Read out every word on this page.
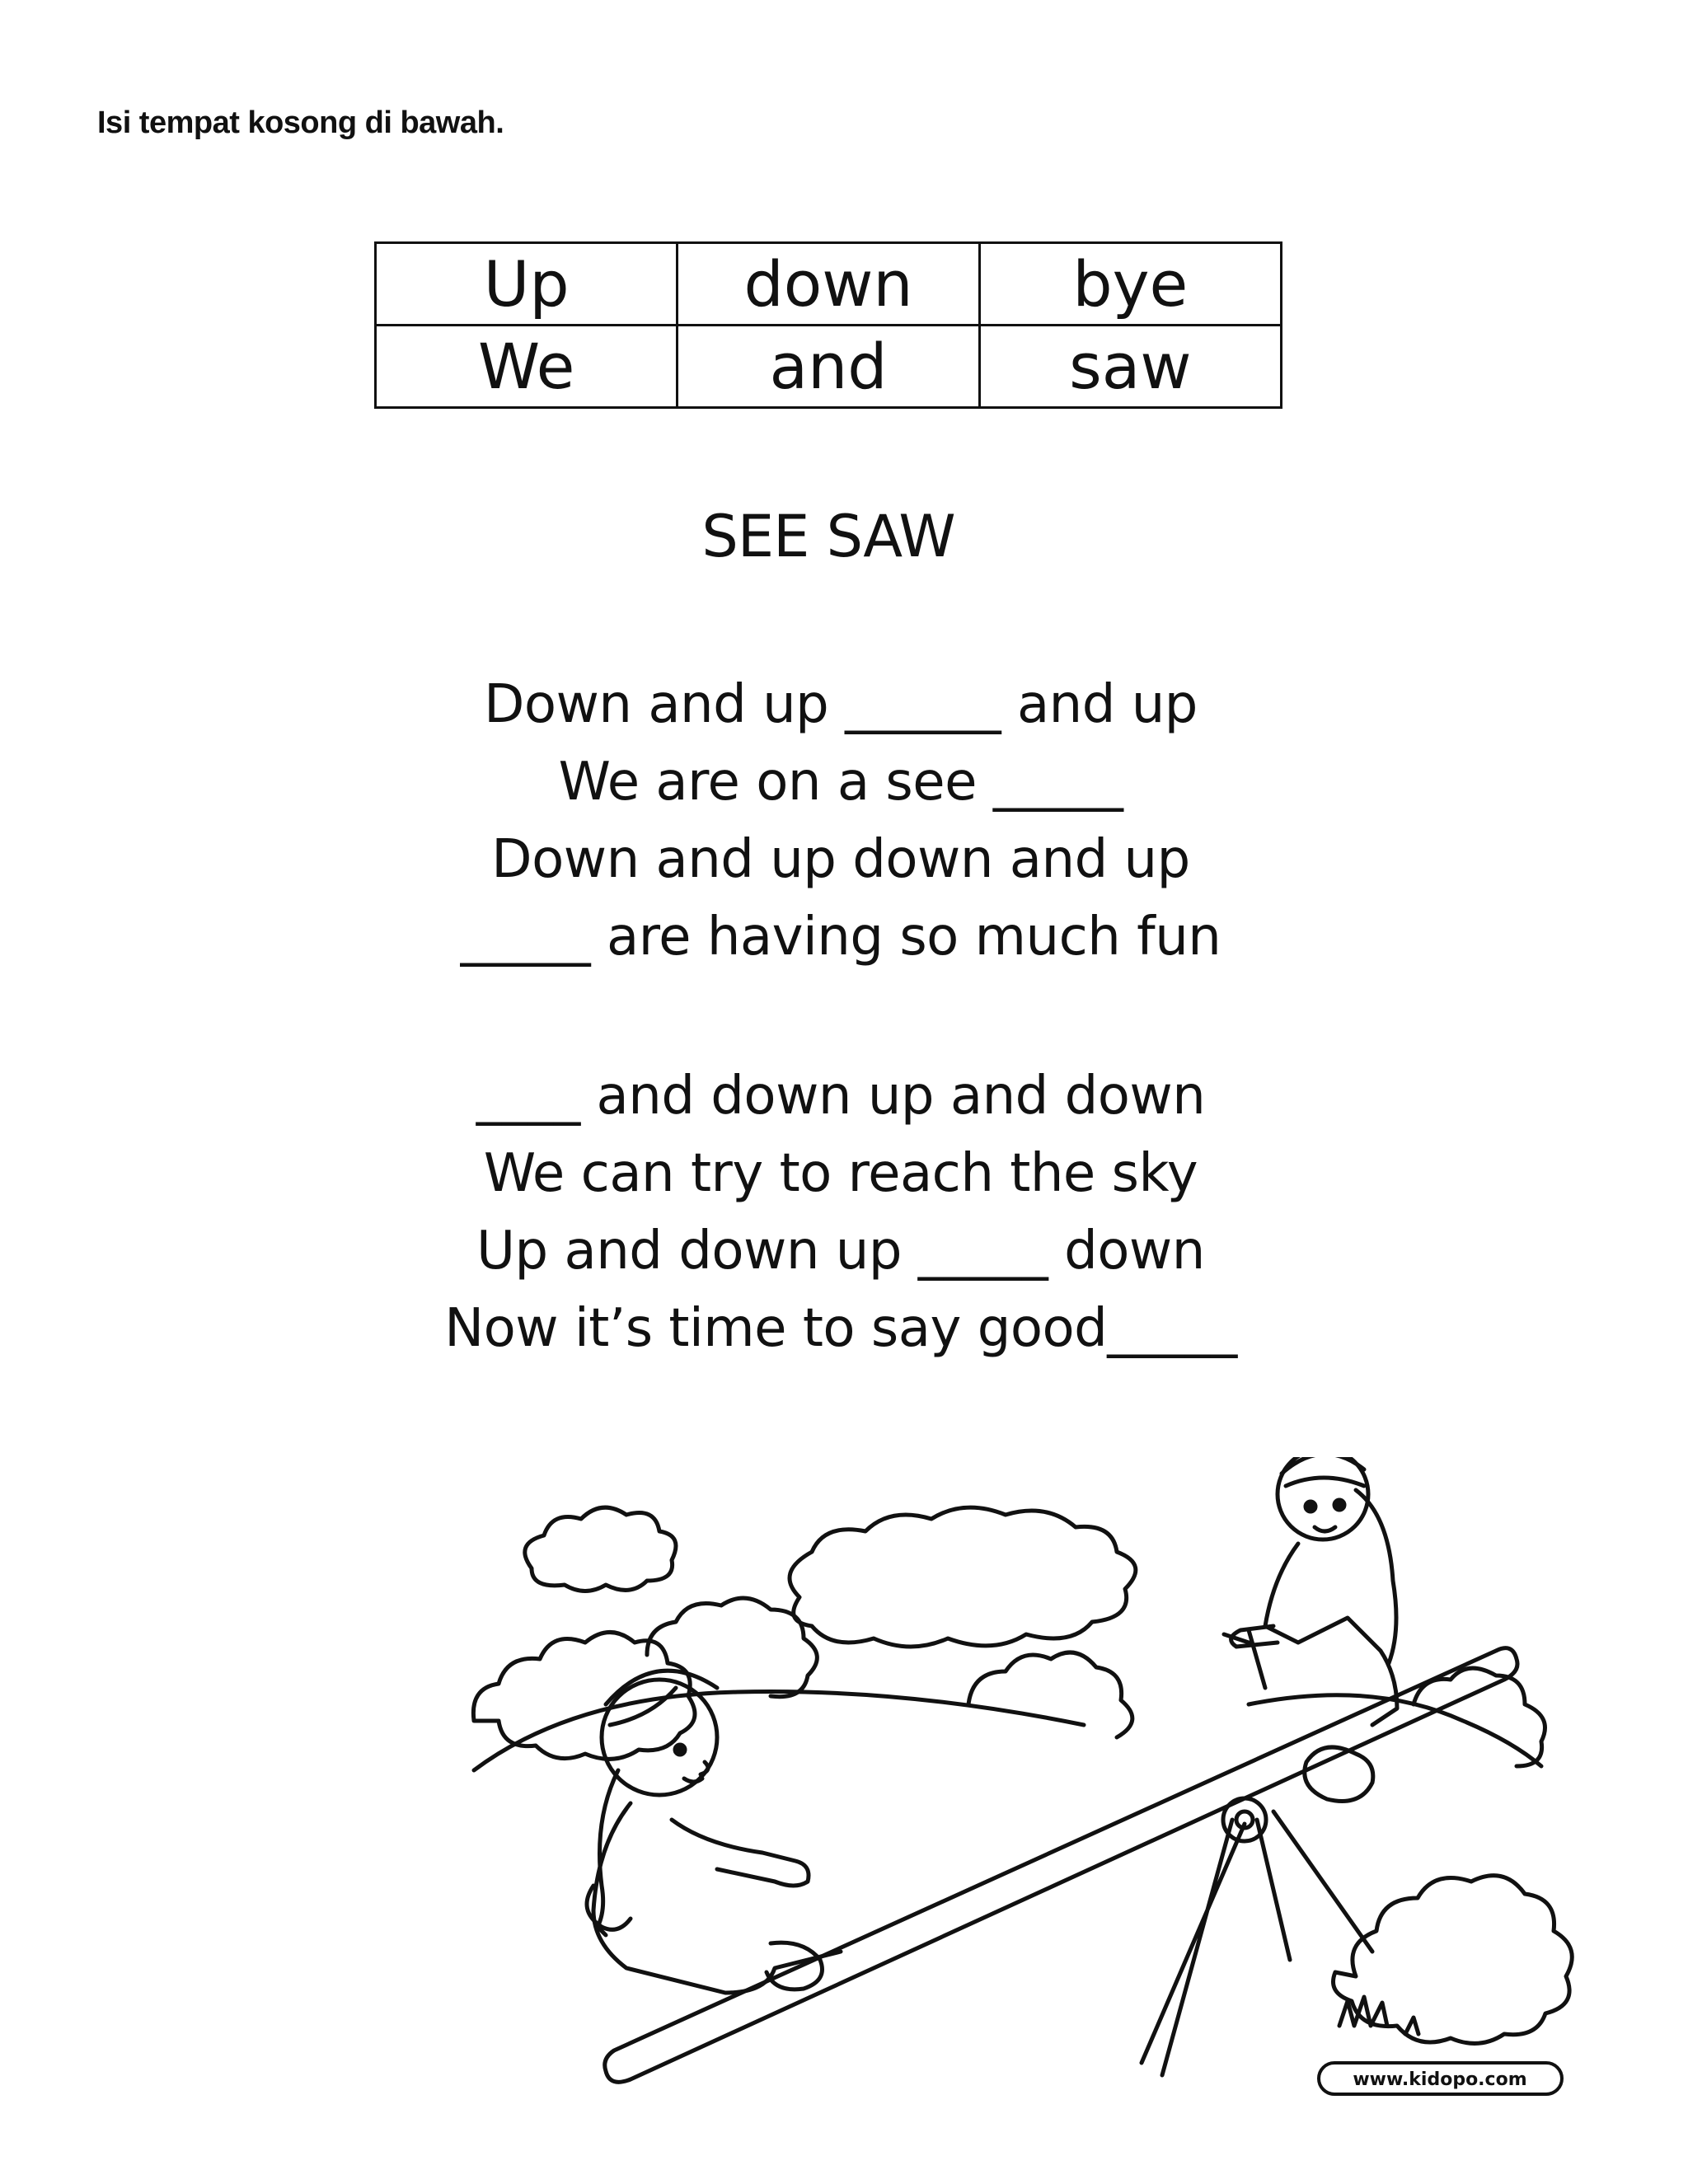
Isi tempat kosong di bawah.

Up	down	bye
We	and	saw
SEE SAW
Down and up ______ and up
We are on a see _____
Down and up down and up
_____ are having so much fun
____ and down up and down
We can try to reach the sky
Up and down up _____ down
Now it’s time to say good_____
www.kidopo.com
